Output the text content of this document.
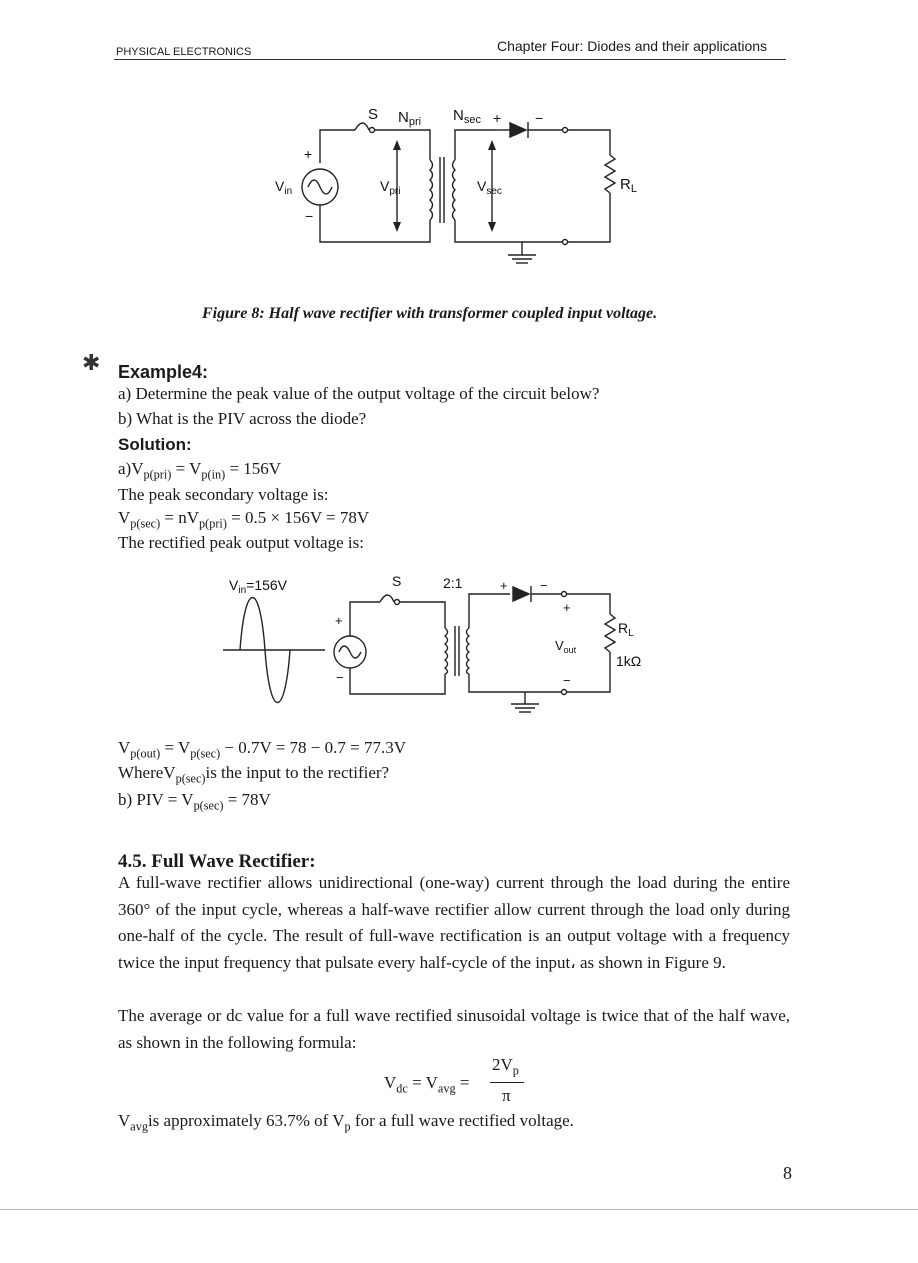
PHYSICAL ELECTRONICS	Chapter Four: Diodes and their applications
S $N_{pri}$ $N_{sec}$ + −
+
−
$V_{in}$	$V_{pri}$	$V_{sec}$	$R_L$
Figure 8: Half wave rectifier with transformer coupled input voltage.
✱ Example4:
a) Determine the peak value of the output voltage of the circuit below?
b) What is the PIV across the diode?
Solution:
$a)V_{p(pri)} = V_{p(in)} = 156V$
The peak secondary voltage is:
$V_{p(sec)} = nV_{p(pri)} = 0.5 \times 156V = 78V$
The rectified peak output voltage is:
$V_{in}=156V$	S	2:1
+
−
+ −
+
−
$V_{out}$
$R_L$
1kΩ
$V_{p(out)} = V_{p(sec)} - 0.7V = 78 - 0.7 = 77.3V$
WhereV$_{p(sec)}$is the input to the rectifier?
b) PIV = $V_{p(sec)} = 78V$
4.5. Full Wave Rectifier:
A full-wave rectifier allows unidirectional (one-way) current through the load during the entire 360° of the input cycle, whereas a half-wave rectifier allow current through the load only during one-half of the cycle. The result of full-wave rectification is an output voltage with a frequency twice the input frequency that pulsate every half-cycle of the input، as shown in Figure 9.
The average or dc value for a full wave rectified sinusoidal voltage is twice that of the half wave, as shown in the following formula:
$V_{dc} = V_{avg}$ =
$2V_p$
π
$V_{avg}is$ approximately 63.7% of $V_p$ for a full wave rectified voltage.
8
